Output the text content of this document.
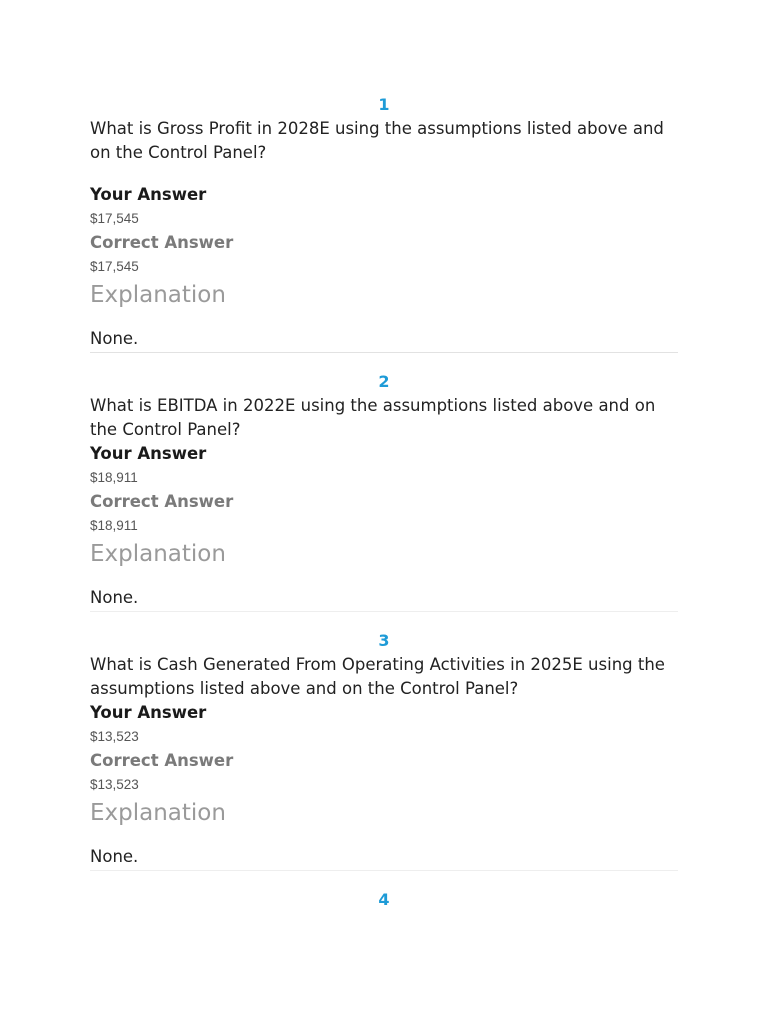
1

What is Gross Profit in 2028E using the assumptions listed above and on the Control Panel?

Your Answer
$17,545
Correct Answer
$17,545
Explanation
None.
2

What is EBITDA in 2022E using the assumptions listed above and on the Control Panel?

Your Answer
$18,911
Correct Answer
$18,911
Explanation
None.
3

What is Cash Generated From Operating Activities in 2025E using the assumptions listed above and on the Control Panel?

Your Answer
$13,523
Correct Answer
$13,523
Explanation
None.
4
